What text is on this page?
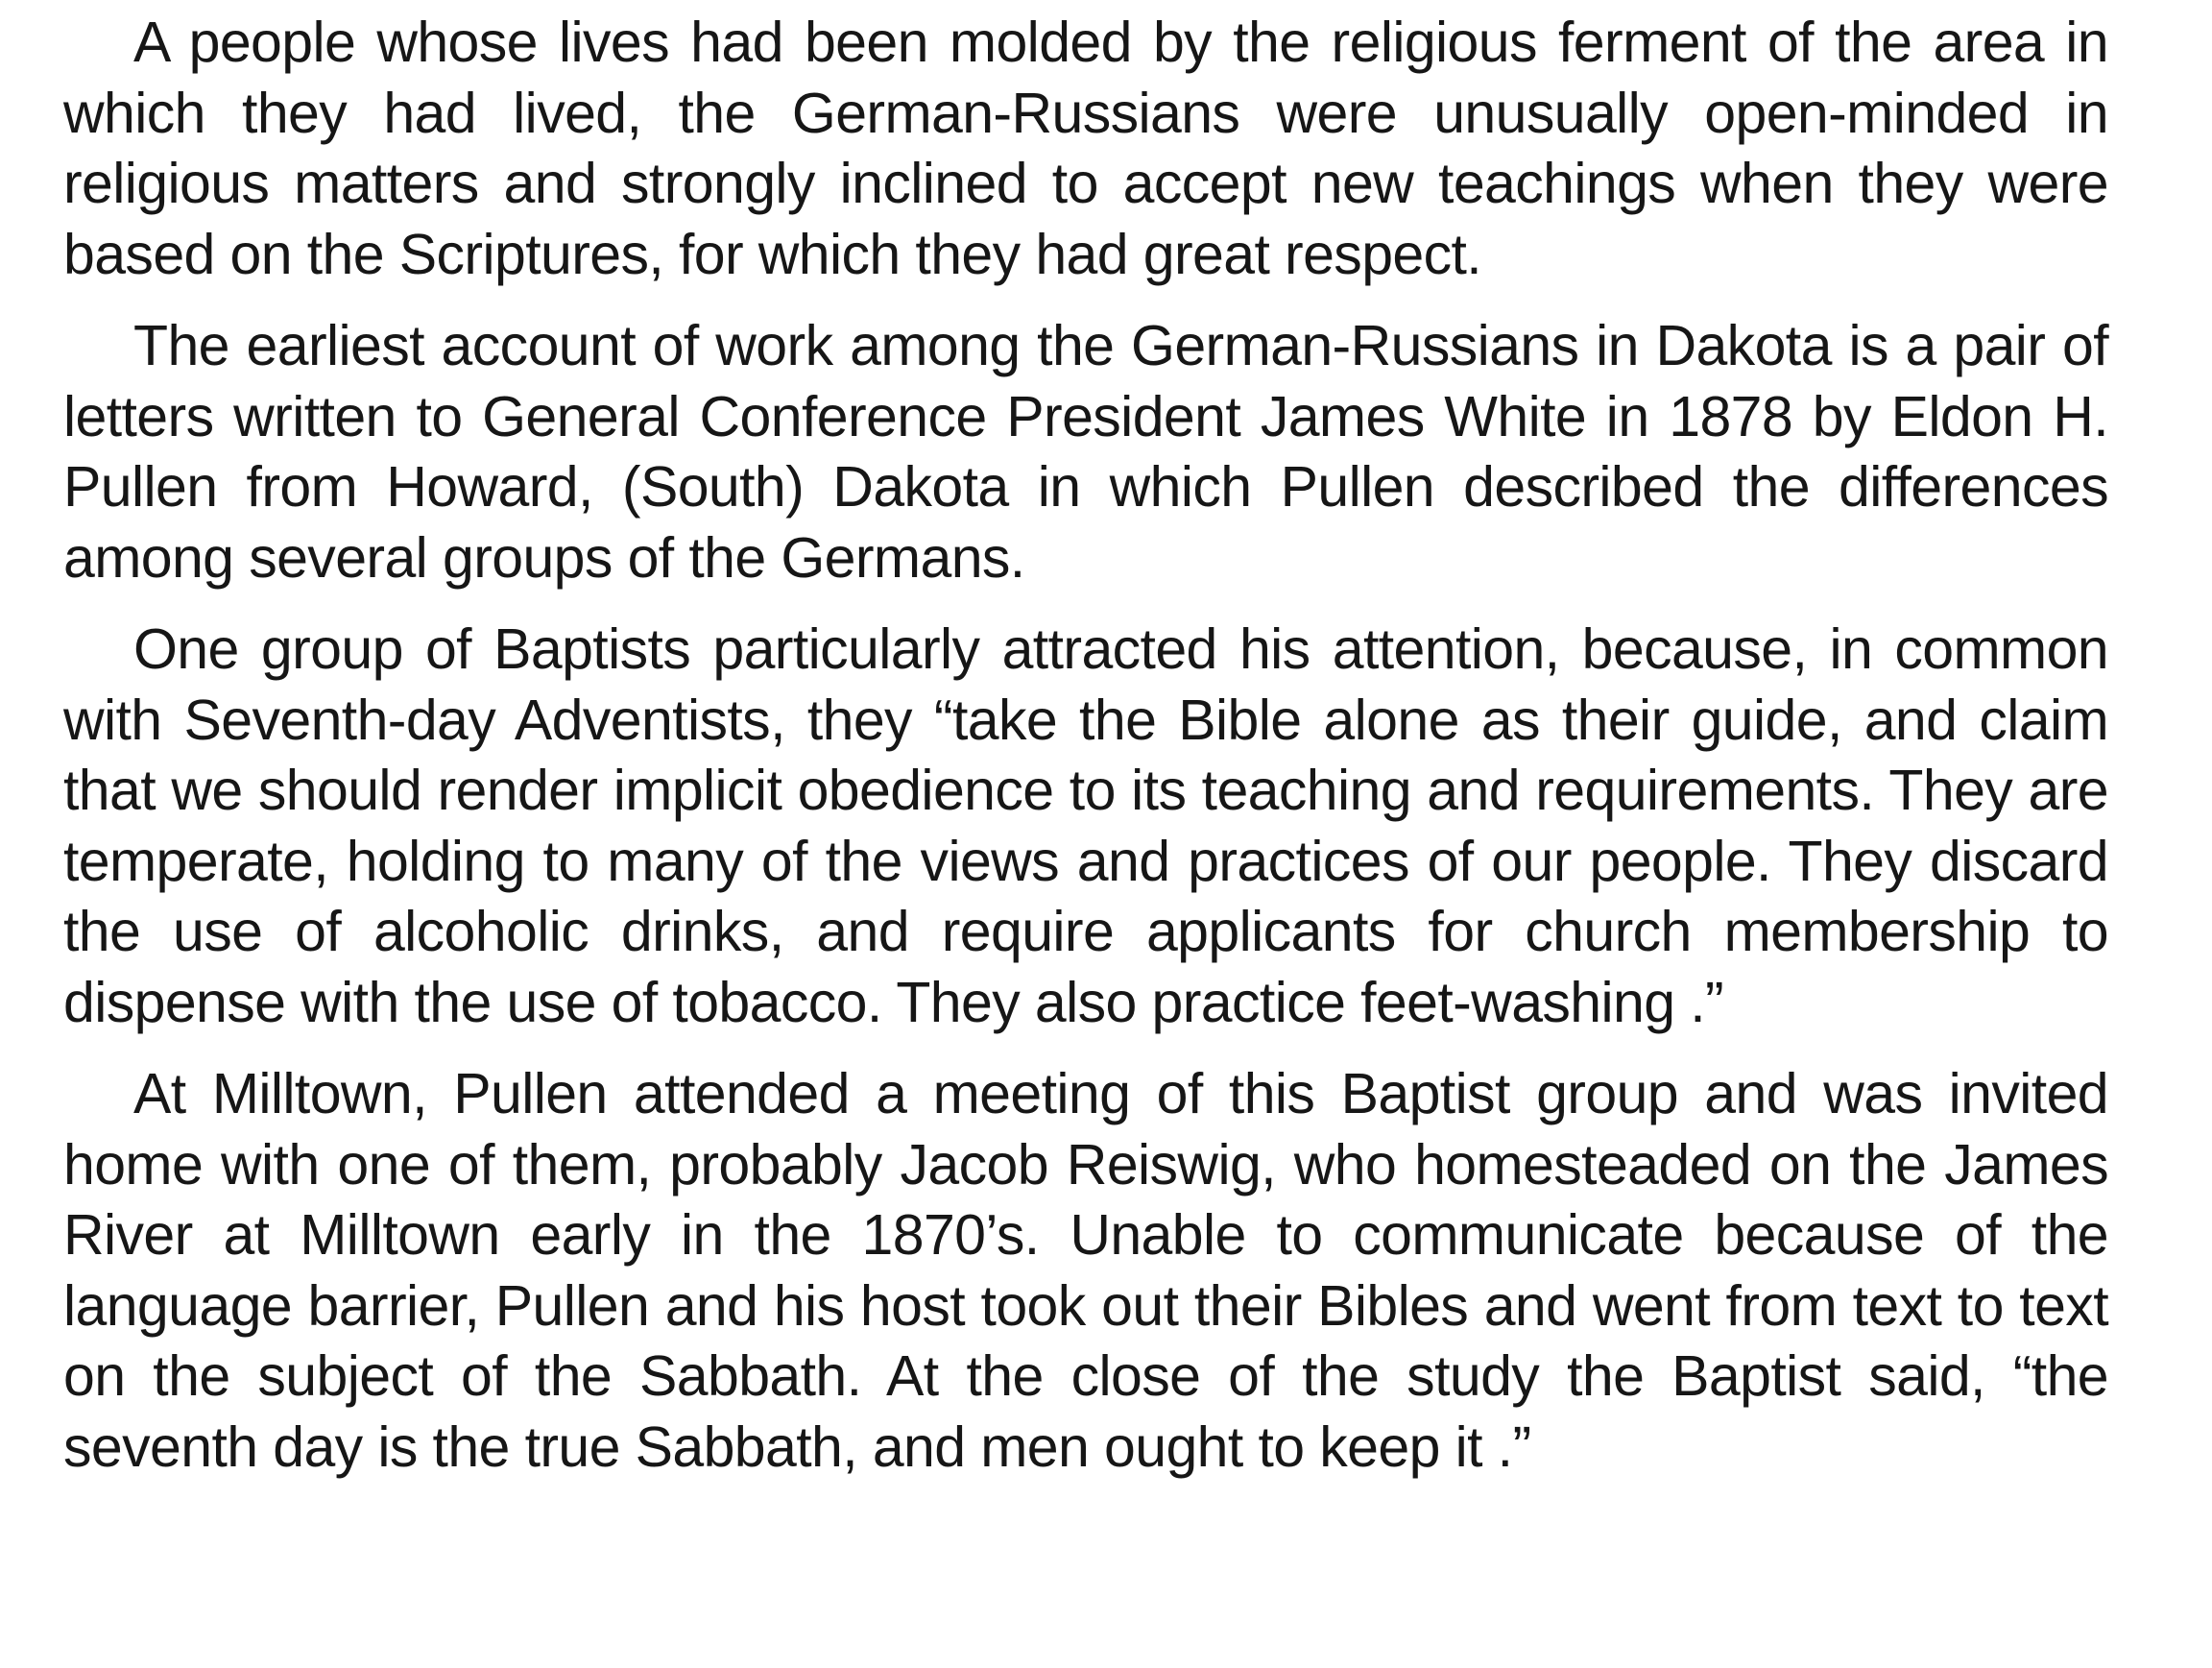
A people whose lives had been molded by the religious ferment of the area in which they had lived, the German-Russians were unusually open-minded in religious matters and strongly inclined to accept new teachings when they were based on the Scriptures, for which they had great respect.

The earliest account of work among the German-Russians in Dakota is a pair of letters written to General Conference President James White in 1878 by Eldon H. Pullen from Howard, (South) Dakota in which Pullen described the differences among several groups of the Germans.

One group of Baptists particularly attracted his attention, because, in common with Seventh-day Adventists, they “take the Bible alone as their guide, and claim that we should render implicit obedience to its teaching and requirements. They are temperate, holding to many of the views and practices of our people. They discard the use of alcoholic drinks, and require applicants for church membership to dispense with the use of tobacco. They also practice feet-washing .”

At Milltown, Pullen attended a meeting of this Baptist group and was invited home with one of them, probably Jacob Reiswig, who homesteaded on the James River at Milltown early in the 1870’s. Unable to communicate because of the language barrier, Pullen and his host took out their Bibles and went from text to text on the subject of the Sabbath. At the close of the study the Baptist said, “the seventh day is the true Sabbath, and men ought to keep it .”
